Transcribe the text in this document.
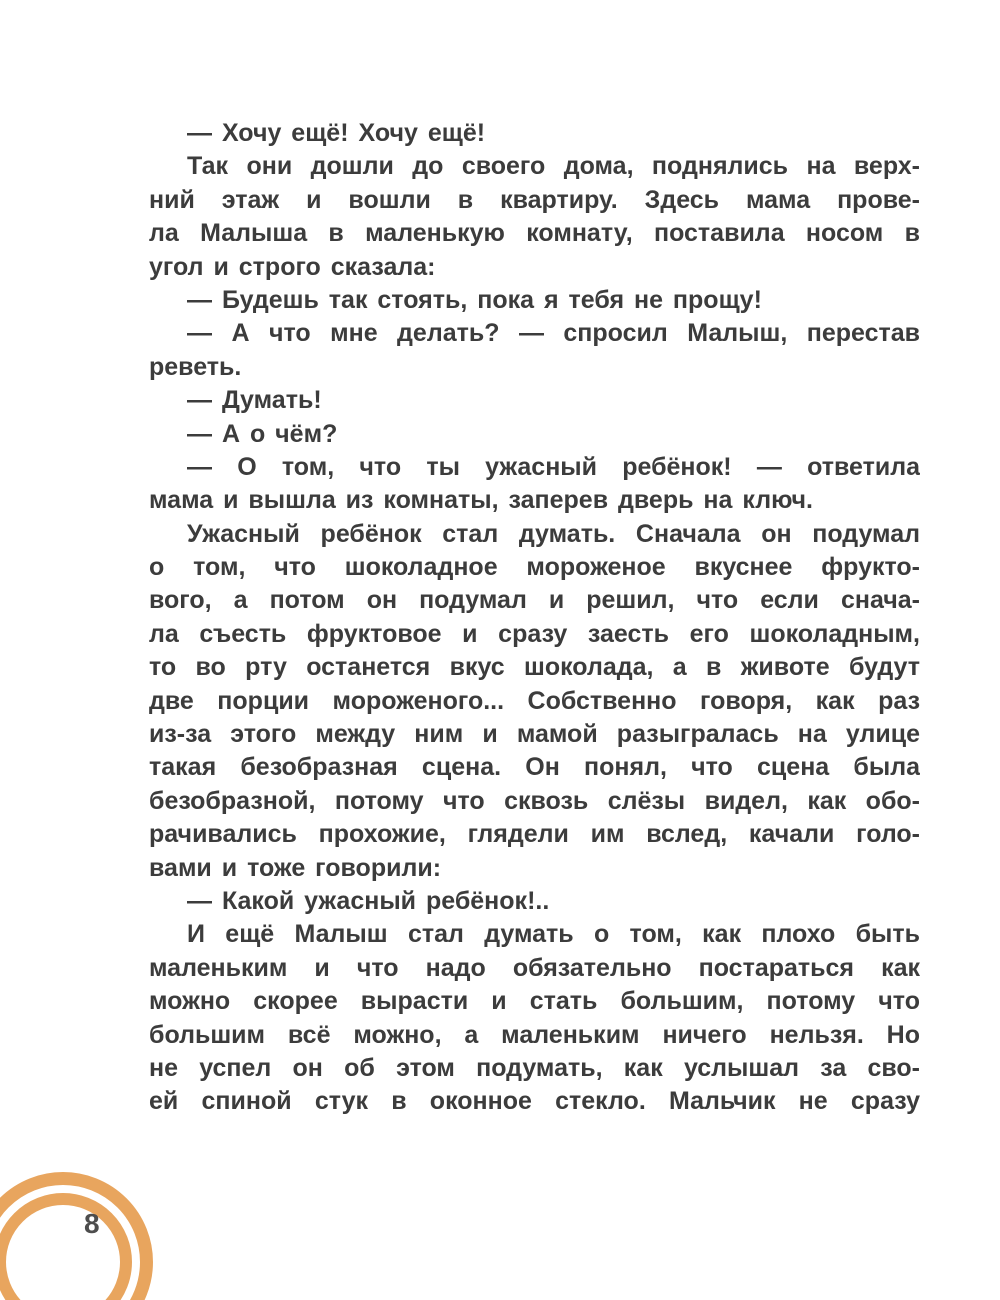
— Хочу ещё! Хочу ещё!
Так они дошли до своего дома, поднялись на верх-
ний этаж и вошли в квартиру. Здесь мама прове-
ла Малыша в маленькую комнату, поставила носом в
угол и строго сказала:
— Будешь так стоять, пока я тебя не прощу!
— А что мне делать? — спросил Малыш, перестав
реветь.
— Думать!
— А о чём?
— О том, что ты ужасный ребёнок! — ответила
мама и вышла из комнаты, заперев дверь на ключ.
Ужасный ребёнок стал думать. Сначала он подумал
о том, что шоколадное мороженое вкуснее фрукто-
вого, а потом он подумал и решил, что если снача-
ла съесть фруктовое и сразу заесть его шоколадным,
то во рту останется вкус шоколада, а в животе будут
две порции мороженого... Собственно говоря, как раз
из-за этого между ним и мамой разыгралась на улице
такая безобразная сцена. Он понял, что сцена была
безобразной, потому что сквозь слёзы видел, как обо-
рачивались прохожие, глядели им вслед, качали голо-
вами и тоже говорили:
— Какой ужасный ребёнок!..
И ещё Малыш стал думать о том, как плохо быть
маленьким и что надо обязательно постараться как
можно скорее вырасти и стать большим, потому что
большим всё можно, а маленьким ничего нельзя. Но
не успел он об этом подумать, как услышал за сво-
ей спиной стук в оконное стекло. Мальчик не сразу
8
